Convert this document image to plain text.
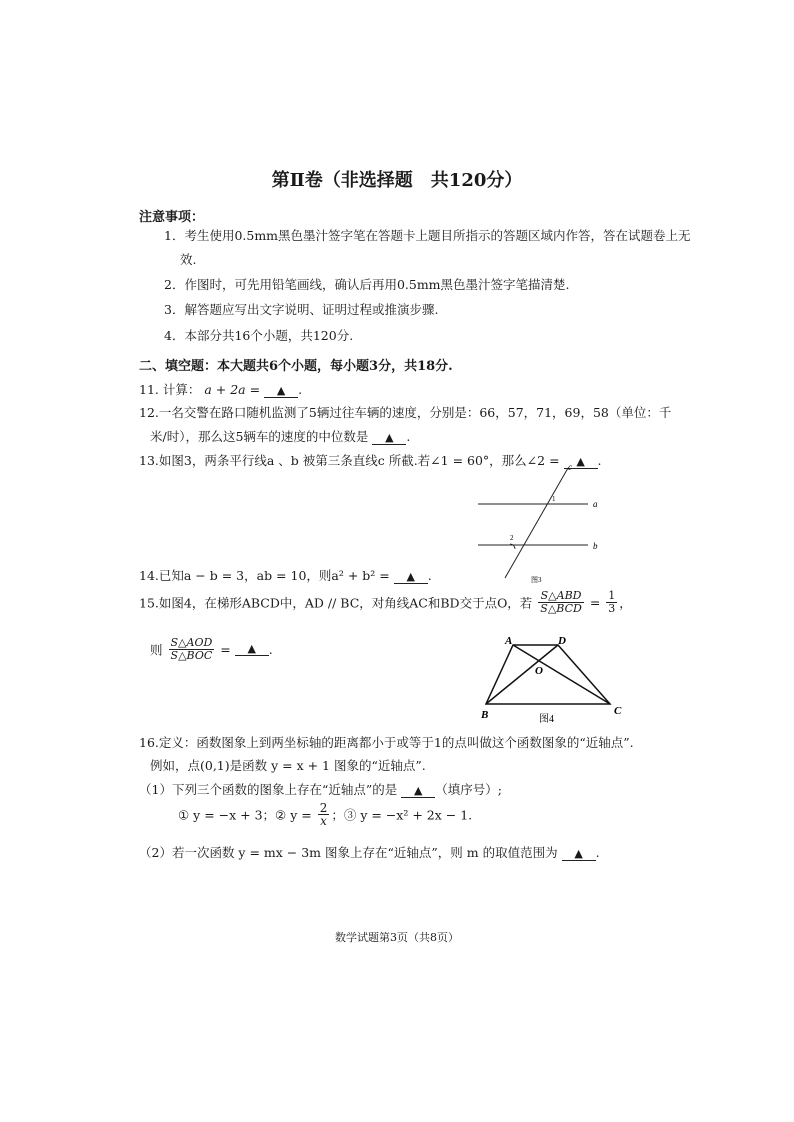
第Ⅱ卷（非选择题　共120分）
注意事项：
1．考生使用0.5mm黑色墨汁签字笔在答题卡上题目所指示的答题区域内作答，答在试题卷上无
效.
2．作图时，可先用铅笔画线，确认后再用0.5mm黑色墨汁签字笔描清楚.
3．解答题应写出文字说明、证明过程或推演步骤.
4．本部分共16个小题，共120分.
二、填空题：本大题共6个小题，每小题3分，共18分.
11. 计算： a + 2a = ▲ .
12.一名交警在路口随机监测了5辆过往车辆的速度，分别是：66，57，71，69，58（单位：千
米/时），那么这5辆车的速度的中位数是 ▲ .
13.如图3，两条平行线a 、b 被第三条直线c 所截.若∠1 = 60°，那么∠2 = ▲ .
c
a
b
1
2
图3
14.已知a − b = 3，ab = 10，则a² + b² = ▲ .
15.如图4，在梯形ABCD中，AD // BC，对角线AC和BD交于点O，若 $\frac{\text{S△ABD}}{\text{S△BCD}} = \frac{1}{3}$ ，
则 $\frac{\text{S△AOD}}{\text{S△BOC}}$ = ▲ .
A	D
O
B	C
图4
16.定义：函数图象上到两坐标轴的距离都小于或等于1的点叫做这个函数图象的“近轴点”.
例如，点(0,1)是函数 y = x + 1 图象的“近轴点”.
（1）下列三个函数的图象上存在“近轴点”的是 ▲ （填序号）;
① y = −x + 3；② $y = \frac{2}{x}$ ；③ y = −x² + 2x − 1.
（2）若一次函数 y = mx − 3m 图象上存在“近轴点”，则 m 的取值范围为 ▲ .
数学试题第3页（共8页）
